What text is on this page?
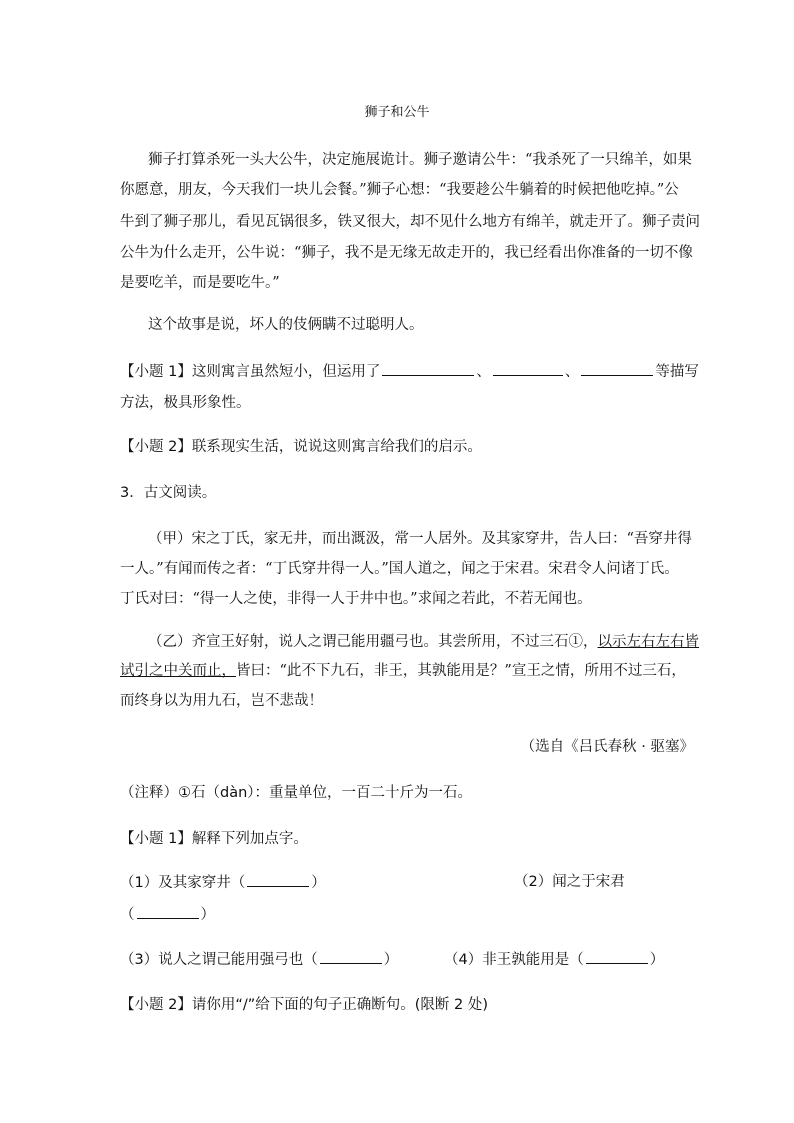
狮子和公牛
狮子打算杀死一头大公牛，决定施展诡计。狮子邀请公牛：“我杀死了一只绵羊，如果
你愿意，朋友，今天我们一块儿会餐。”狮子心想：“我要趁公牛躺着的时候把他吃掉。”公
牛到了狮子那儿，看见瓦锅很多，铁叉很大，却不见什么地方有绵羊，就走开了。狮子责问
公牛为什么走开，公牛说：“狮子，我不是无缘无故走开的，我已经看出你准备的一切不像
是要吃羊，而是要吃牛。”
这个故事是说，坏人的伎俩瞒不过聪明人。
【小题 1】这则寓言虽然短小，但运用了	、	、	等描写
方法，极具形象性。
【小题 2】联系现实生活，说说这则寓言给我们的启示。
3．古文阅读。
（甲）宋之丁氏，家无井，而出溉汲，常一人居外。及其家穿井，告人曰：“吾穿井得
一人。”有闻而传之者：“丁氏穿井得一人。”国人道之，闻之于宋君。宋君令人问诸丁氏。
丁氏对曰：“得一人之使，非得一人于井中也。”求闻之若此，不若无闻也。
（乙）齐宣王好射，说人之谓己能用疆弓也。其尝所用，不过三石①，以示左右左右皆
试引之中关而止，皆曰：“此不下九石，非王，其孰能用是？”宣王之情，所用不过三石，
而终身以为用九石，岂不悲哉！
（选自《吕氏春秋 · 驱塞》
（注释）①石（dàn）：重量单位，一百二十斤为一石。
【小题 1】解释下列加点字。
（1）及其家穿井（	）	（2）闻之于宋君
（	）
（3）说人之谓己能用强弓也（	）	（4）非王孰能用是（	）
【小题 2】请你用“/”给下面的句子正确断句。(限断 2 处)
